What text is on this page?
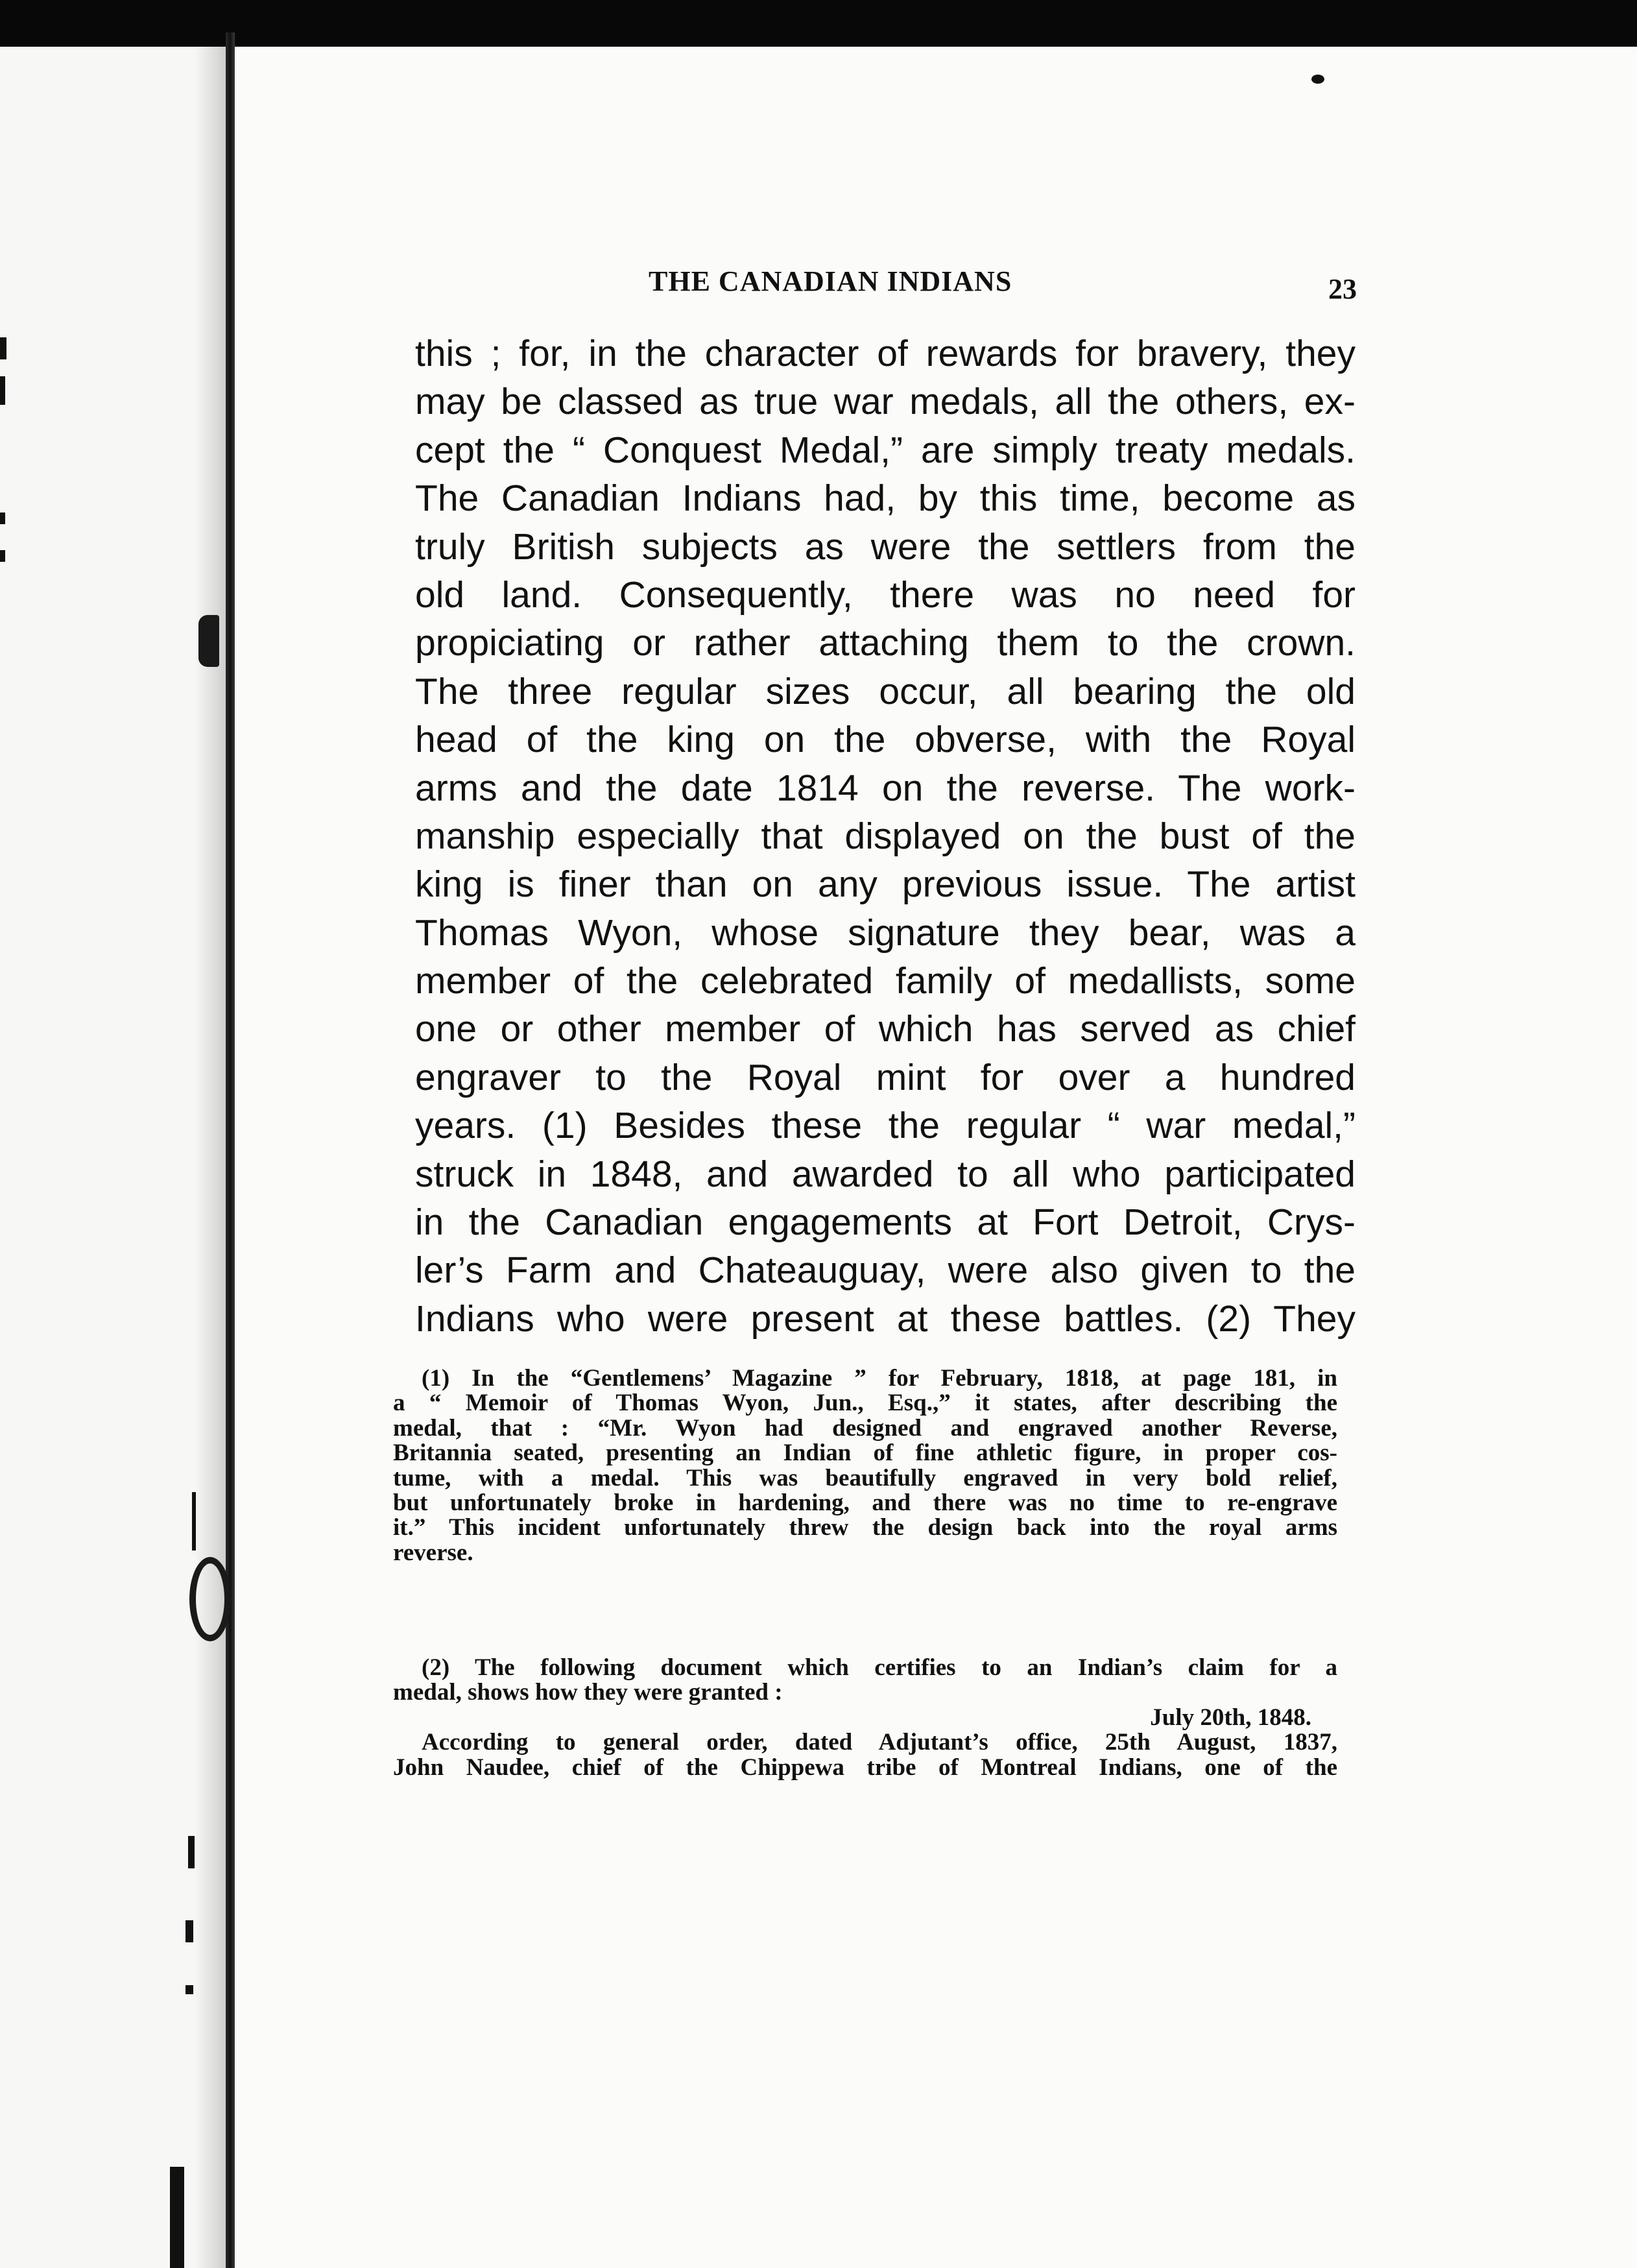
THE CANADIAN INDIANS	23
this ; for, in the character of rewards for bravery, they
may be classed as true war medals, all the others, ex-
cept the “ Conquest Medal,” are simply treaty medals.
The Canadian Indians had, by this time, become as
truly British subjects as were the settlers from the
old land. Consequently, there was no need for
propiciating or rather attaching them to the crown.
The three regular sizes occur, all bearing the old
head of the king on the obverse, with the Royal
arms and the date 1814 on the reverse. The work-
manship especially that displayed on the bust of the
king is finer than on any previous issue. The artist
Thomas Wyon, whose signature they bear, was a
member of the celebrated family of medallists, some
one or other member of which has served as chief
engraver to the Royal mint for over a hundred
years. (1) Besides these the regular “ war medal,”
struck in 1848, and awarded to all who participated
in the Canadian engagements at Fort Detroit, Crys-
ler’s Farm and Chateauguay, were also given to the
Indians who were present at these battles. (2) They
(1) In the “Gentlemens’ Magazine ” for February, 1818, at page 181, in
a “ Memoir of Thomas Wyon, Jun., Esq.,” it states, after describing the
medal, that : “Mr. Wyon had designed and engraved another Reverse,
Britannia seated, presenting an Indian of fine athletic figure, in proper cos-
tume, with a medal. This was beautifully engraved in very bold relief,
but unfortunately broke in hardening, and there was no time to re-engrave
it.” This incident unfortunately threw the design back into the royal arms
reverse.
(2) The following document which certifies to an Indian’s claim for a
medal, shows how they were granted :
July 20th, 1848.
According to general order, dated Adjutant’s office, 25th August, 1837,
John Naudee, chief of the Chippewa tribe of Montreal Indians, one of the
